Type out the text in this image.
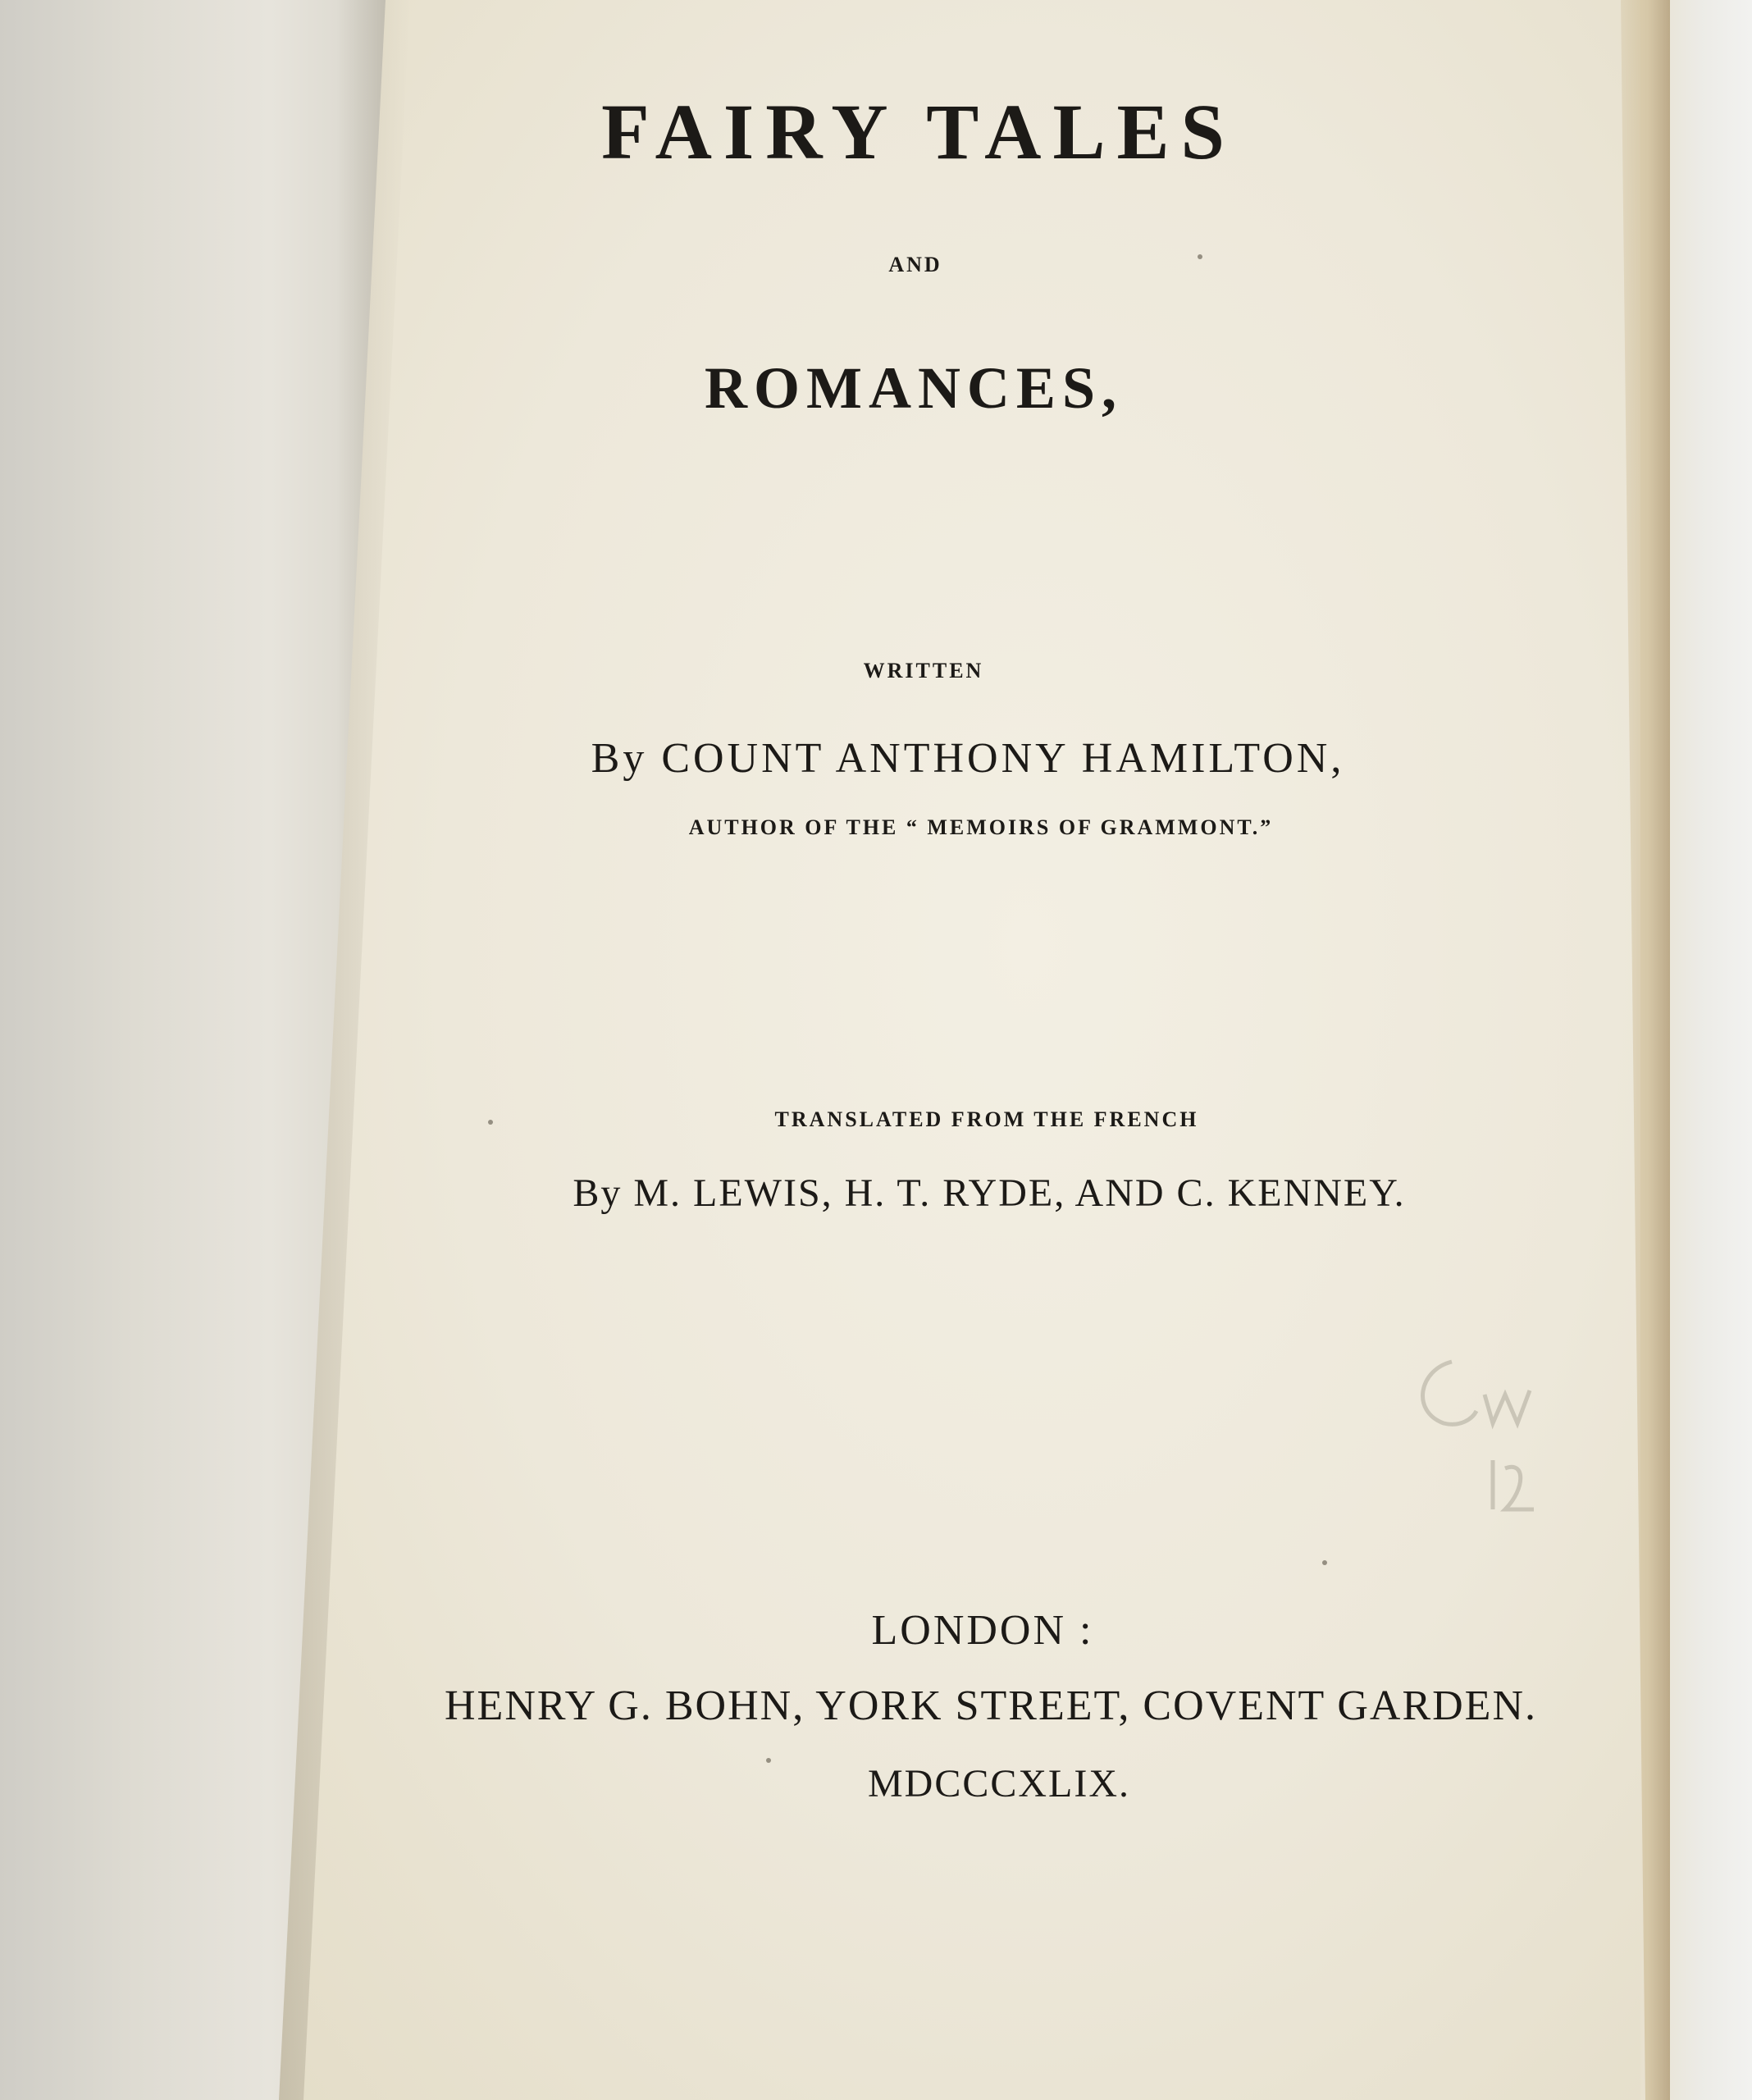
FAIRY TALES

AND

ROMANCES,

WRITTEN

By COUNT ANTHONY HAMILTON,

AUTHOR OF THE “ MEMOIRS OF GRAMMONT.”

TRANSLATED FROM THE FRENCH

By M. LEWIS, H. T. RYDE, AND C. KENNEY.

LONDON :

HENRY G. BOHN, YORK STREET, COVENT GARDEN.

MDCCCXLIX.
